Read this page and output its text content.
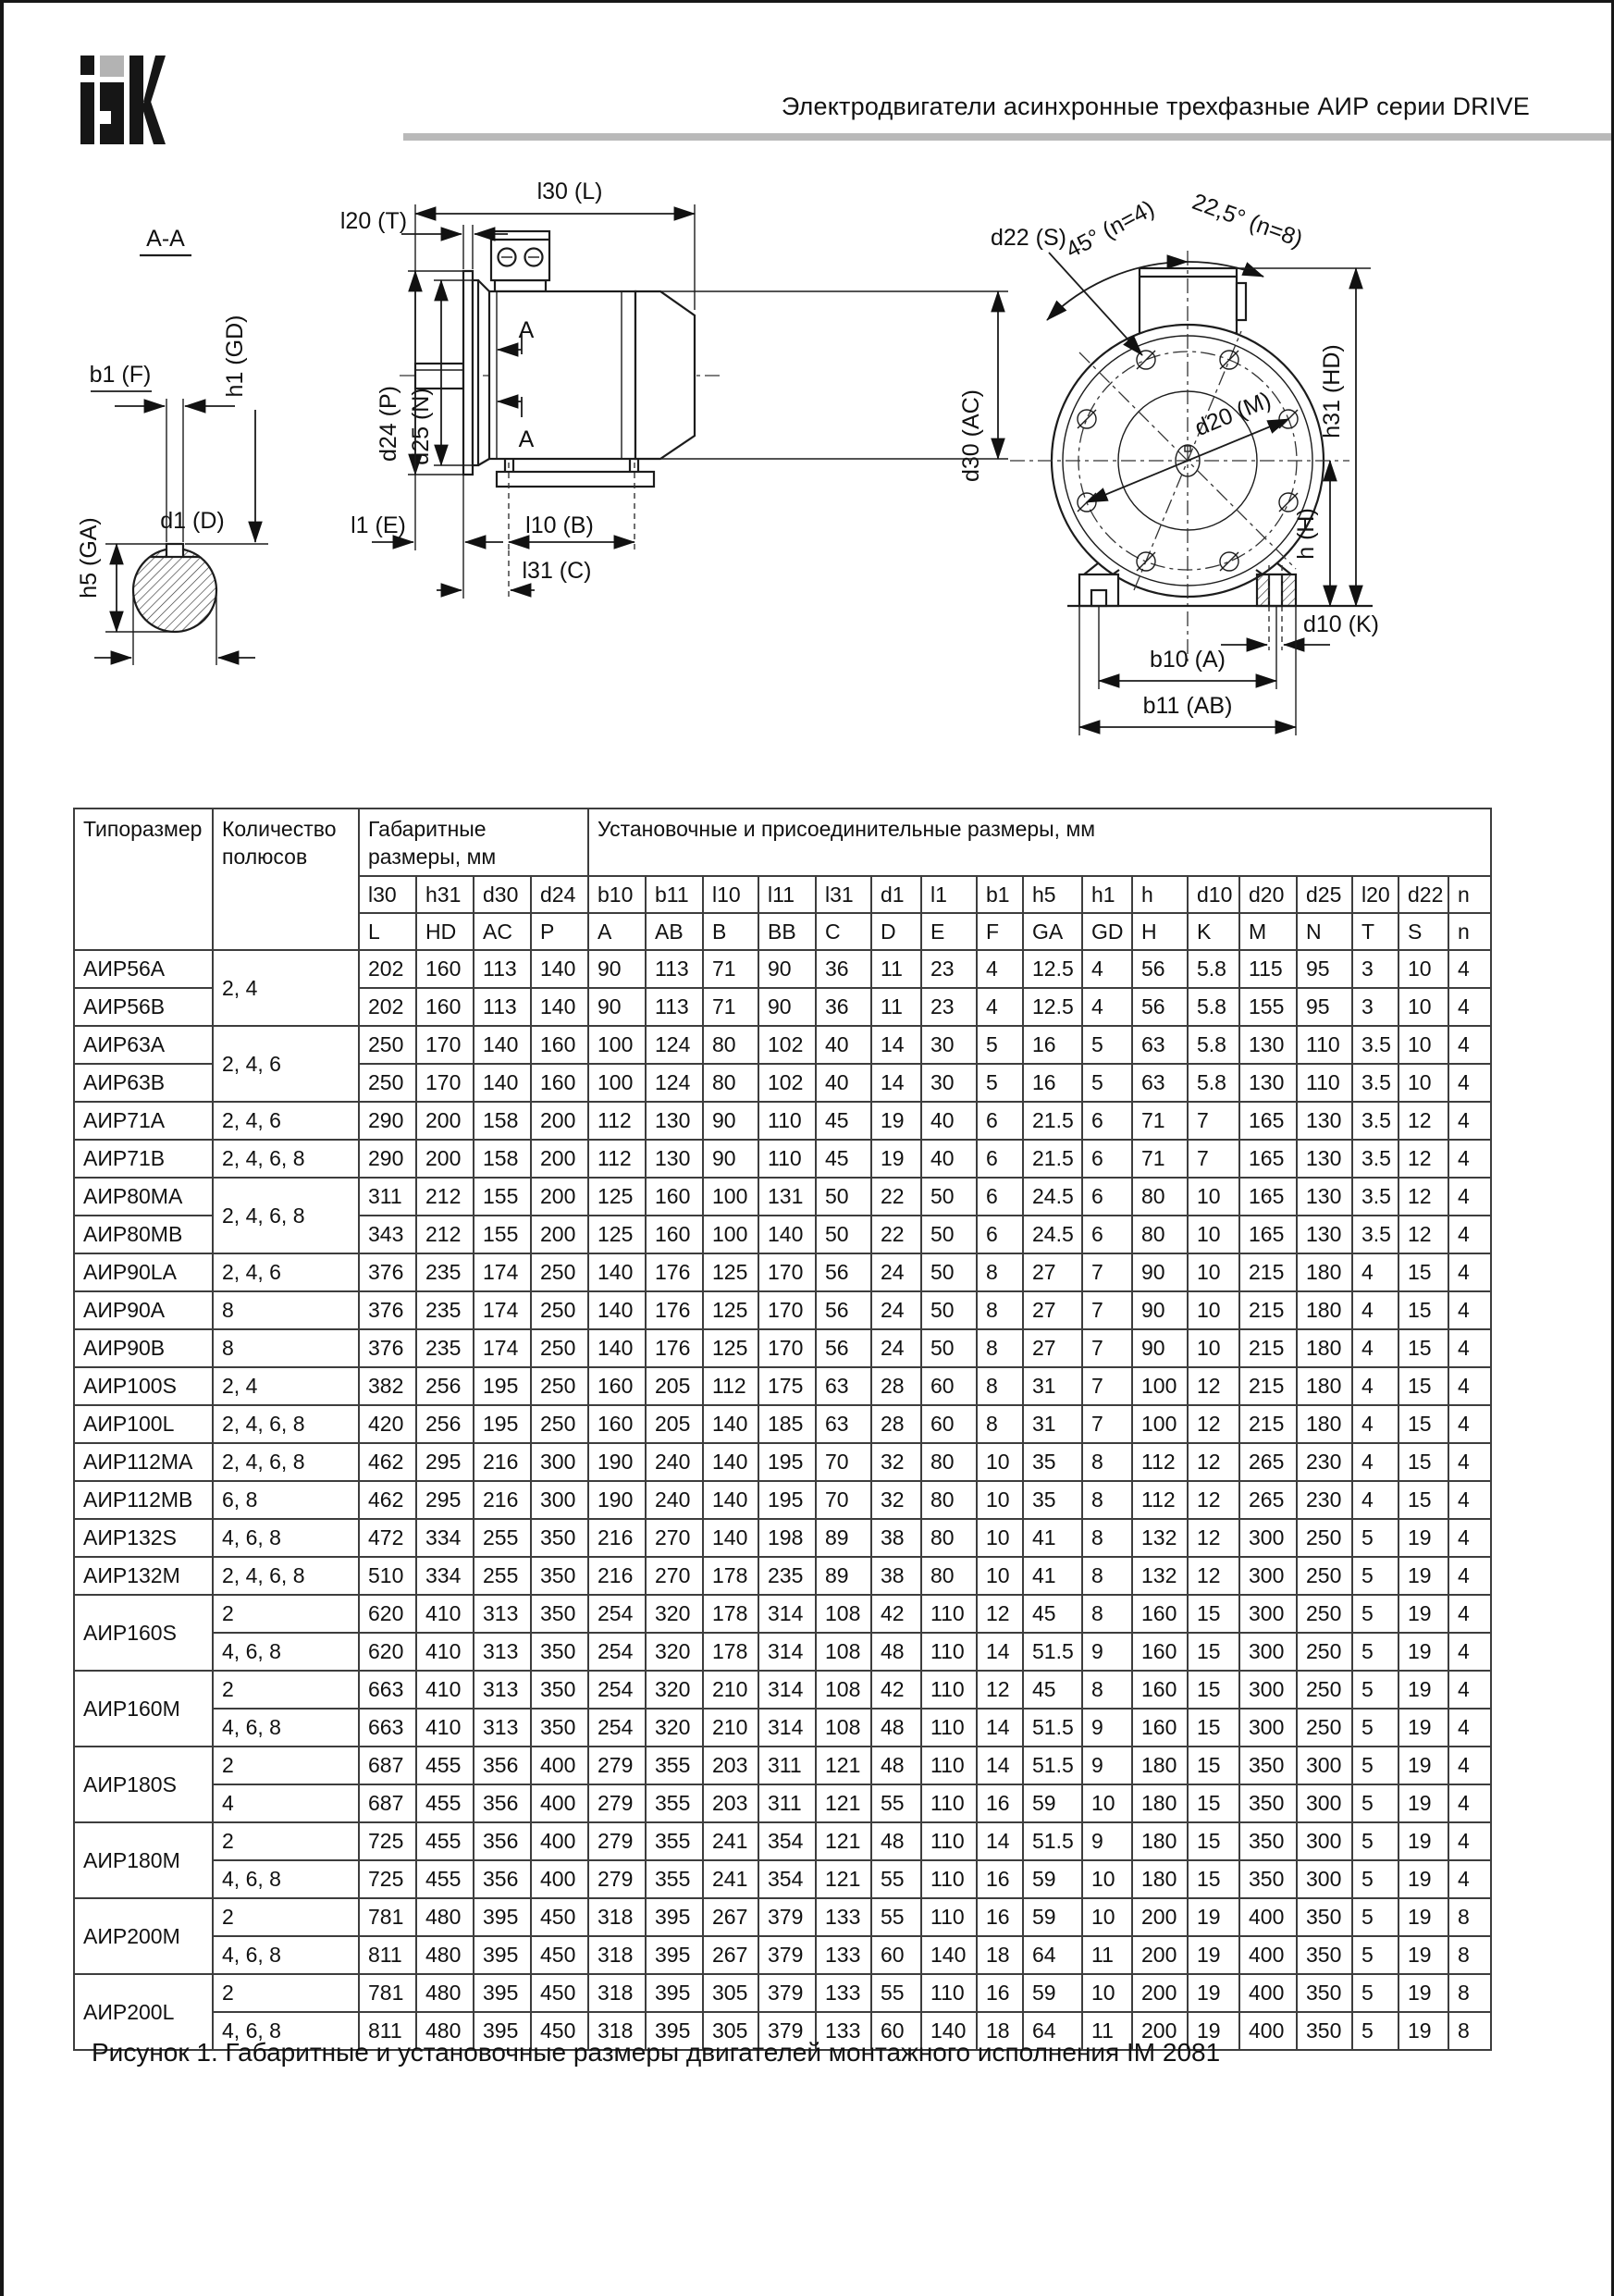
Электродвигатели асинхронные трехфазные АИР серии DRIVE
A-A
b1 (F)	h1 (GD)
d1 (D)
h5 (GA)
l30 (L)
l20 (T)
d24 (P) d25 (N)
A
A	d30 (AC)
l1 (E)	l10 (B)
l31 (C)
45° (n=4) 22,5° (n=8)
d22 (S)
d20 (M) h31 (HD)
h (H)
d10 (K)
b10 (A)
b11 (AB)
Типоразмер	Количество полюсов	Габаритные размеры, мм				Установочные и присоединительные размеры, мм																
		l30	h31	d30	d24	b10	b11	l10	l11	l31	d1	l1	b1	h5	h1	h	d10	d20	d25	l20	d22	n
		L	HD	AC	P	A	AB	B	BB	C	D	E	F	GA	GD	H	K	M	N	T	S	n
АИР56А	2, 4	202	160	113	140	90	113	71	90	36	11	23	4	12.5	4	56	5.8	115	95	3	10	4
АИР56В		202	160	113	140	90	113	71	90	36	11	23	4	12.5	4	56	5.8	155	95	3	10	4
АИР63А	2, 4, 6	250	170	140	160	100	124	80	102	40	14	30	5	16	5	63	5.8	130	110	3.5	10	4
АИР63В		250	170	140	160	100	124	80	102	40	14	30	5	16	5	63	5.8	130	110	3.5	10	4
АИР71А	2, 4, 6	290	200	158	200	112	130	90	110	45	19	40	6	21.5	6	71	7	165	130	3.5	12	4
АИР71В	2, 4, 6, 8	290	200	158	200	112	130	90	110	45	19	40	6	21.5	6	71	7	165	130	3.5	12	4
АИР80МА	2, 4, 6, 8	311	212	155	200	125	160	100	131	50	22	50	6	24.5	6	80	10	165	130	3.5	12	4
АИР80МВ		343	212	155	200	125	160	100	140	50	22	50	6	24.5	6	80	10	165	130	3.5	12	4
АИР90LA	2, 4, 6	376	235	174	250	140	176	125	170	56	24	50	8	27	7	90	10	215	180	4	15	4
АИР90А	8	376	235	174	250	140	176	125	170	56	24	50	8	27	7	90	10	215	180	4	15	4
АИР90В	8	376	235	174	250	140	176	125	170	56	24	50	8	27	7	90	10	215	180	4	15	4
АИР100S	2, 4	382	256	195	250	160	205	112	175	63	28	60	8	31	7	100	12	215	180	4	15	4
АИР100L	2, 4, 6, 8	420	256	195	250	160	205	140	185	63	28	60	8	31	7	100	12	215	180	4	15	4
АИР112МА	2, 4, 6, 8	462	295	216	300	190	240	140	195	70	32	80	10	35	8	112	12	265	230	4	15	4
АИР112МВ	6, 8	462	295	216	300	190	240	140	195	70	32	80	10	35	8	112	12	265	230	4	15	4
АИР132S	4, 6, 8	472	334	255	350	216	270	140	198	89	38	80	10	41	8	132	12	300	250	5	19	4
АИР132М	2, 4, 6, 8	510	334	255	350	216	270	178	235	89	38	80	10	41	8	132	12	300	250	5	19	4
АИР160S	2	620	410	313	350	254	320	178	314	108	42	110	12	45	8	160	15	300	250	5	19	4
	4, 6, 8	620	410	313	350	254	320	178	314	108	48	110	14	51.5	9	160	15	300	250	5	19	4
АИР160М	2	663	410	313	350	254	320	210	314	108	42	110	12	45	8	160	15	300	250	5	19	4
	4, 6, 8	663	410	313	350	254	320	210	314	108	48	110	14	51.5	9	160	15	300	250	5	19	4
АИР180S	2	687	455	356	400	279	355	203	311	121	48	110	14	51.5	9	180	15	350	300	5	19	4
	4	687	455	356	400	279	355	203	311	121	55	110	16	59	10	180	15	350	300	5	19	4
АИР180М	2	725	455	356	400	279	355	241	354	121	48	110	14	51.5	9	180	15	350	300	5	19	4
	4, 6, 8	725	455	356	400	279	355	241	354	121	55	110	16	59	10	180	15	350	300	5	19	4
АИР200М	2	781	480	395	450	318	395	267	379	133	55	110	16	59	10	200	19	400	350	5	19	8
	4, 6, 8	811	480	395	450	318	395	267	379	133	60	140	18	64	11	200	19	400	350	5	19	8
АИР200L	2	781	480	395	450	318	395	305	379	133	55	110	16	59	10	200	19	400	350	5	19	8
	4, 6, 8	811	480	395	450	318	395	305	379	133	60	140	18	64	11	200	19	400	350	5	19	8
Рисунок 1. Габаритные и установочные размеры двигателей монтажного исполнения IM 2081
